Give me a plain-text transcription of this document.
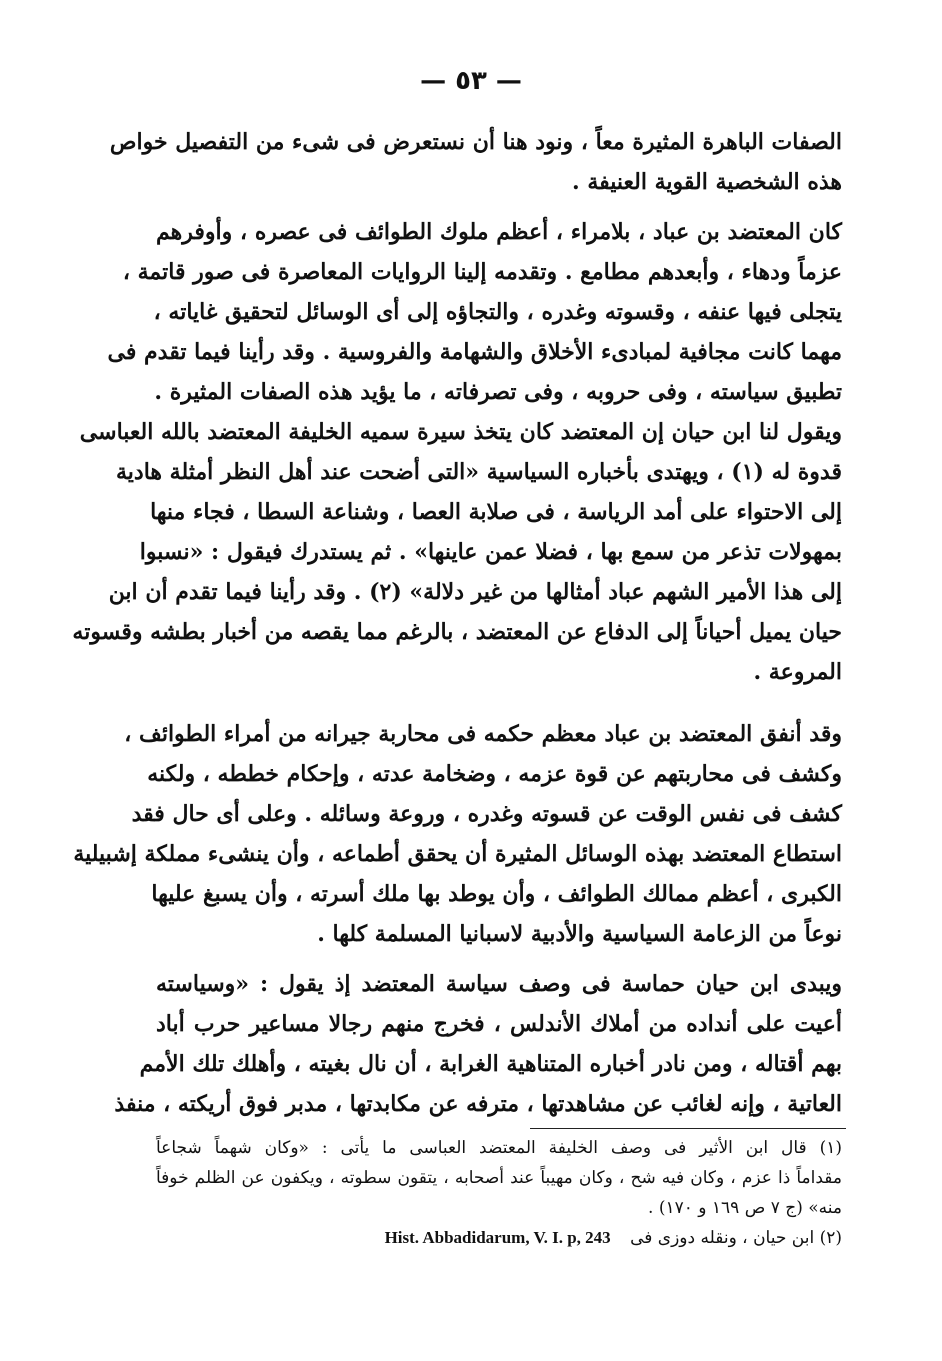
— ٥٣ —
الصفات الباهرة المثيرة معاً ، ونود هنا أن نستعرض فى شىء من التفصيل خواص
هذه الشخصية القوية العنيفة .
كان المعتضد بن عباد ، بلامراء ، أعظم ملوك الطوائف فى عصره ، وأوفرهم
عزماً ودهاء ، وأبعدهم مطامع . وتقدمه إلينا الروايات المعاصرة فى صور قاتمة ،
يتجلى فيها عنفه ، وقسوته وغدره ، والتجاؤه إلى أى الوسائل لتحقيق غاياته ،
مهما كانت مجافية لمبادىء الأخلاق والشهامة والفروسية . وقد رأينا فيما تقدم فى
تطبيق سياسته ، وفى حروبه ، وفى تصرفاته ، ما يؤيد هذه الصفات المثيرة .
ويقول لنا ابن حيان إن المعتضد كان يتخذ سيرة سميه الخليفة المعتضد بالله العباسى
قدوة له (١) ، ويهتدى بأخباره السياسية «التى أضحت عند أهل النظر أمثلة هادية
إلى الاحتواء على أمد الرياسة ، فى صلابة العصا ، وشناعة السطا ، فجاء منها
بمهولات تذعر من سمع بها ، فضلا عمن عاينها» . ثم يستدرك فيقول : «نسبوا
إلى هذا الأمير الشهم عباد أمثالها من غير دلالة» (٢) . وقد رأينا فيما تقدم أن ابن
حيان يميل أحياناً إلى الدفاع عن المعتضد ، بالرغم مما يقصه من أخبار بطشه وقسوته
المروعة .
وقد أنفق المعتضد بن عباد معظم حكمه فى محاربة جيرانه من أمراء الطوائف ،
وكشف فى محاربتهم عن قوة عزمه ، وضخامة عدته ، وإحكام خططه ، ولكنه
كشف فى نفس الوقت عن قسوته وغدره ، وروعة وسائله . وعلى أى حال فقد
استطاع المعتضد بهذه الوسائل المثيرة أن يحقق أطماعه ، وأن ينشىء مملكة إشبيلية
الكبرى ، أعظم ممالك الطوائف ، وأن يوطد بها ملك أسرته ، وأن يسبغ عليها
نوعاً من الزعامة السياسية والأدبية لاسبانيا المسلمة كلها .
ويبدى ابن حيان حماسة فى وصف سياسة المعتضد إذ يقول : «وسياسته
أعيت على أنداده من أملاك الأندلس ، فخرج منهم رجالا مساعير حرب أباد
بهم أقتاله ، ومن نادر أخباره المتناهية الغرابة ، أن نال بغيته ، وأهلك تلك الأمم
العاتية ، وإنه لغائب عن مشاهدتها ، مترفه عن مكابدتها ، مدبر فوق أريكته ، منفذ
(١) قال ابن الأثير فى وصف الخليفة المعتضد العباسى ما يأتى : «وكان شهماً شجاعاً
مقداماً ذا عزم ، وكان فيه شح ، وكان مهيباً عند أصحابه ، يتقون سطوته ، ويكفون عن الظلم خوفاً
منه» (ج ٧ ص ١٦٩ و ١٧٠) .
(٢) ابن حيان ، ونقله دوزى فى Hist. Abbadidarum, V. I. p, 243
